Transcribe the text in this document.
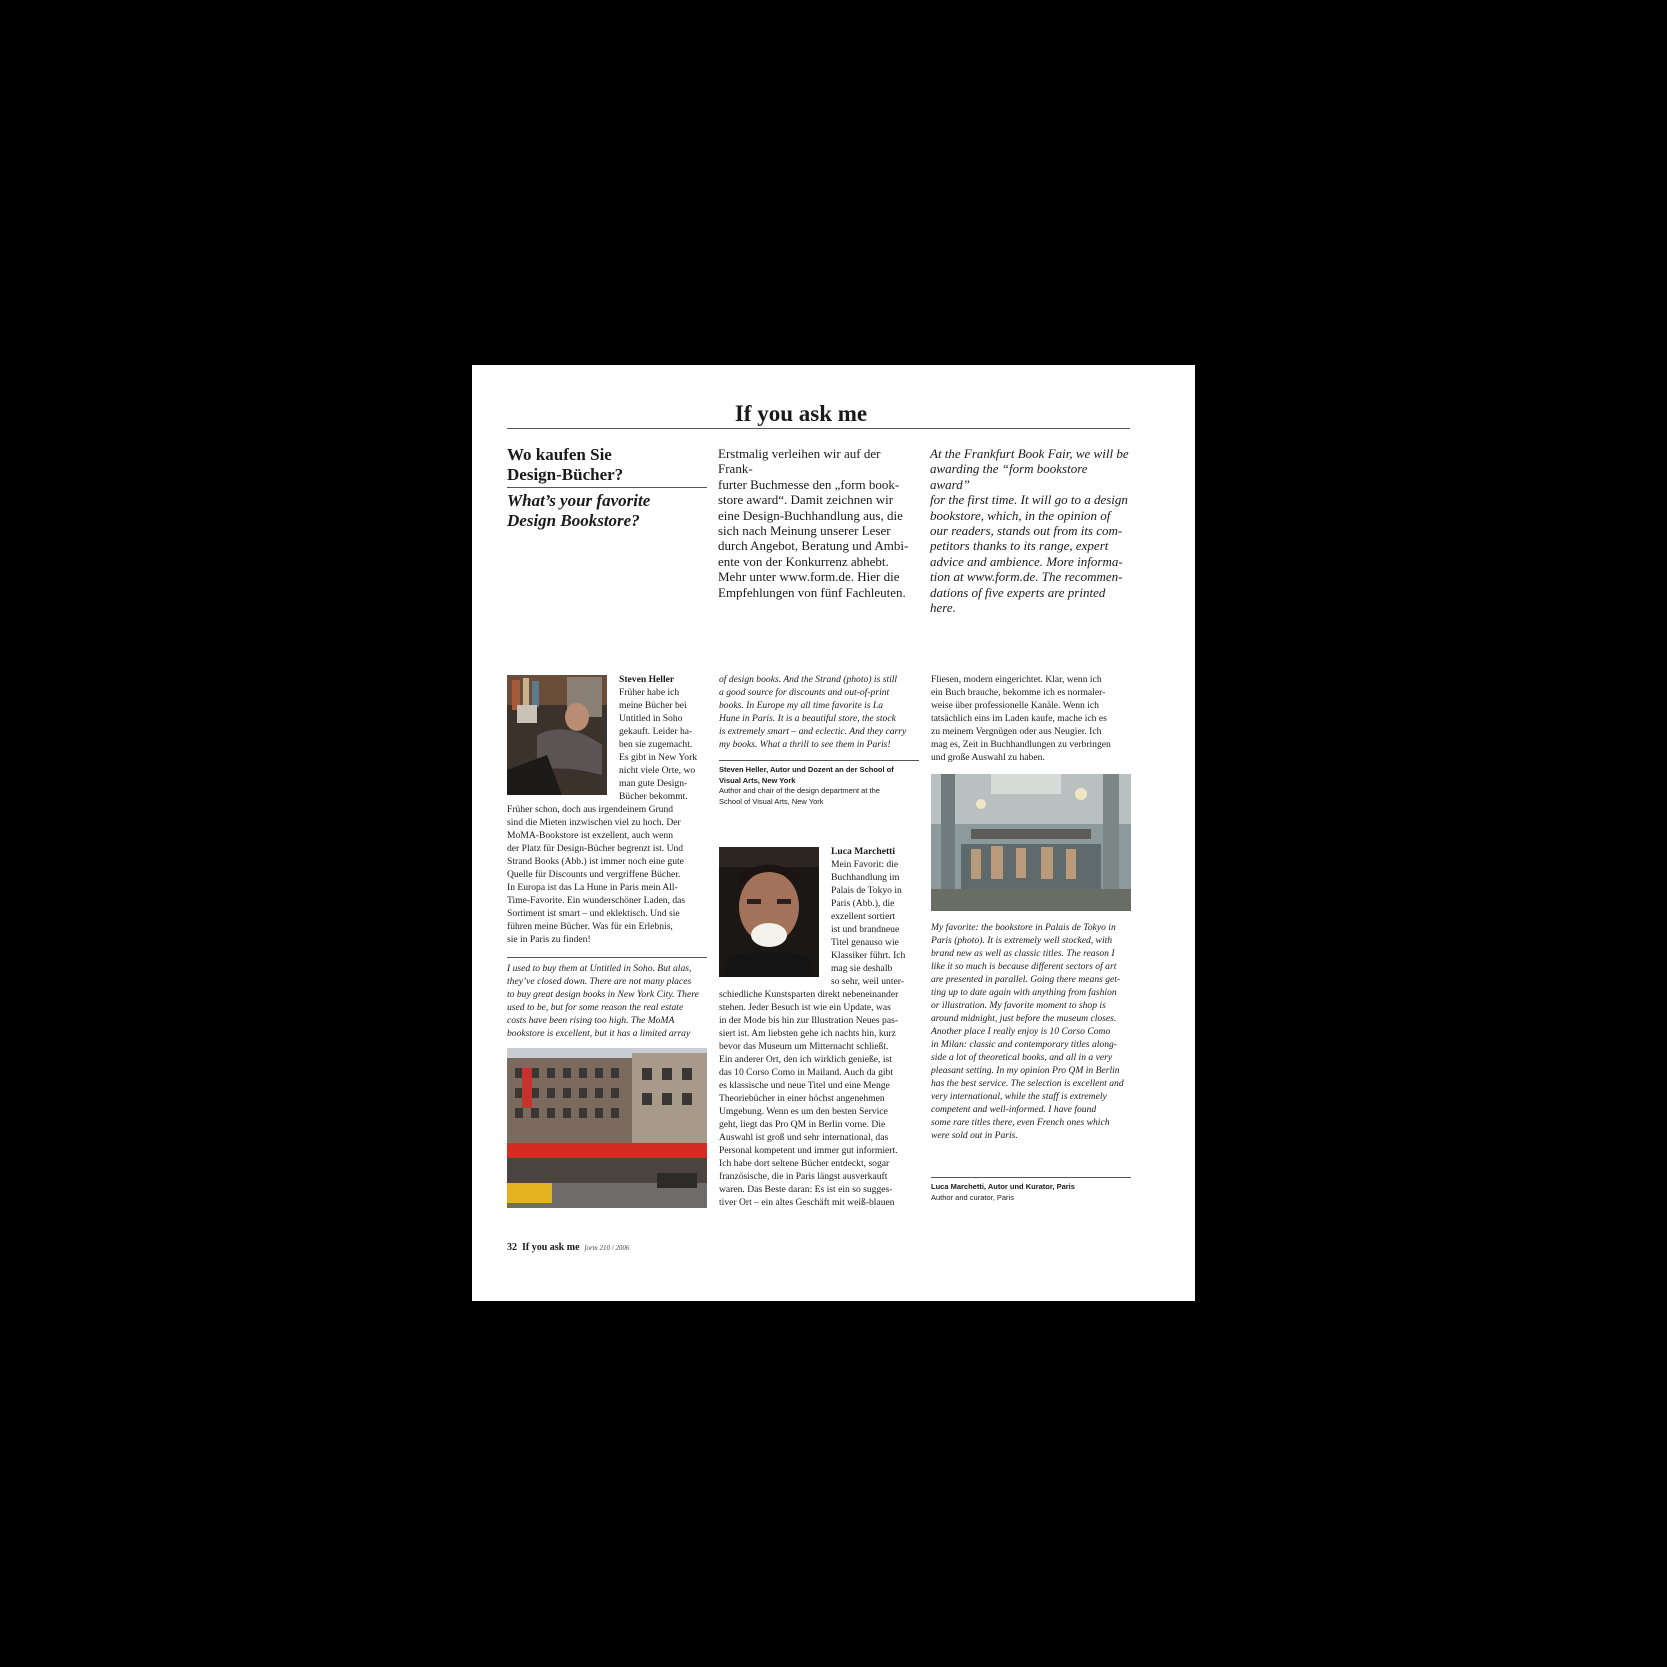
If you ask me
Wo kaufen Sie
Design-Bücher?
What’s your favorite
Design Bookstore?
Erstmalig verleihen wir auf der Frank-
furter Buchmesse den „form book-
store award“. Damit zeichnen wir
eine Design-Buchhandlung aus, die
sich nach Meinung unserer Leser
durch Angebot, Beratung und Ambi-
ente von der Konkurrenz abhebt.
Mehr unter www.form.de. Hier die
Empfehlungen von fünf Fachleuten.
At the Frankfurt Book Fair, we will be
awarding the “form bookstore award”
for the first time. It will go to a design
bookstore, which, in the opinion of
our readers, stands out from its com-
petitors thanks to its range, expert
advice and ambience. More informa-
tion at www.form.de. The recommen-
dations of five experts are printed here.
Steven Heller
Früher habe ich
meine Bücher bei
Untitled in Soho
gekauft. Leider ha-
ben sie zugemacht.
Es gibt in New York
nicht viele Orte, wo
man gute Design-
Bücher bekommt.
Früher schon, doch aus irgendeinem Grund
sind die Mieten inzwischen viel zu hoch. Der
MoMA-Bookstore ist exzellent, auch wenn
der Platz für Design-Bücher begrenzt ist. Und
Strand Books (Abb.) ist immer noch eine gute
Quelle für Discounts und vergriffene Bücher.
In Europa ist das La Hune in Paris mein All-
Time-Favorite. Ein wunderschöner Laden, das
Sortiment ist smart – und eklektisch. Und sie
führen meine Bücher. Was für ein Erlebnis,
sie in Paris zu finden!
I used to buy them at Untitled in Soho. But alas,
they’ve closed down. There are not many places
to buy great design books in New York City. There
used to be, but for some reason the real estate
costs have been rising too high. The MoMA
bookstore is excellent, but it has a limited array
of design books. And the Strand (photo) is still
a good source for discounts and out-of-print
books. In Europe my all time favorite is La
Hune in Paris. It is a beautiful store, the stock
is extremely smart – and eclectic. And they carry
my books. What a thrill to see them in Paris!
Steven Heller, Autor und Dozent an der School of
Visual Arts, New York
Author and chair of the design department at the
School of Visual Arts, New York
Luca Marchetti
Mein Favorit: die
Buchhandlung im
Palais de Tokyo in
Paris (Abb.), die
exzellent sortiert
ist und brandneue
Titel genauso wie
Klassiker führt. Ich
mag sie deshalb
so sehr, weil unter-
schiedliche Kunstsparten direkt nebeneinander
stehen. Jeder Besuch ist wie ein Update, was
in der Mode bis hin zur Illustration Neues pas-
siert ist. Am liebsten gehe ich nachts hin, kurz
bevor das Museum um Mitternacht schließt.
Ein anderer Ort, den ich wirklich genieße, ist
das 10 Corso Como in Mailand. Auch da gibt
es klassische und neue Titel und eine Menge
Theoriebücher in einer höchst angenehmen
Umgebung. Wenn es um den besten Service
geht, liegt das Pro QM in Berlin vorne. Die
Auswahl ist groß und sehr international, das
Personal kompetent und immer gut informiert.
Ich habe dort seltene Bücher entdeckt, sogar
französische, die in Paris längst ausverkauft
waren. Das Beste daran: Es ist ein so sugges-
tiver Ort – ein altes Geschäft mit weiß-blauen
Fliesen, modern eingerichtet. Klar, wenn ich
ein Buch brauche, bekomme ich es normaler-
weise über professionelle Kanäle. Wenn ich
tatsächlich eins im Laden kaufe, mache ich es
zu meinem Vergnügen oder aus Neugier. Ich
mag es, Zeit in Buchhandlungen zu verbringen
und große Auswahl zu haben.
My favorite: the bookstore in Palais de Tokyo in
Paris (photo). It is extremely well stocked, with
brand new as well as classic titles. The reason I
like it so much is because different sectors of art
are presented in parallel. Going there means get-
ting up to date again with anything from fashion
or illustration. My favorite moment to shop is
around midnight, just before the museum closes.
Another place I really enjoy is 10 Corso Como
in Milan: classic and contemporary titles along-
side a lot of theoretical books, and all in a very
pleasant setting. In my opinion Pro QM in Berlin
has the best service. The selection is excellent and
very international, while the staff is extremely
competent and well-informed. I have found
some rare titles there, even French ones which
were sold out in Paris.
Luca Marchetti, Autor und Kurator, Paris
Author and curator, Paris
32 If you ask me form 210 / 2006
